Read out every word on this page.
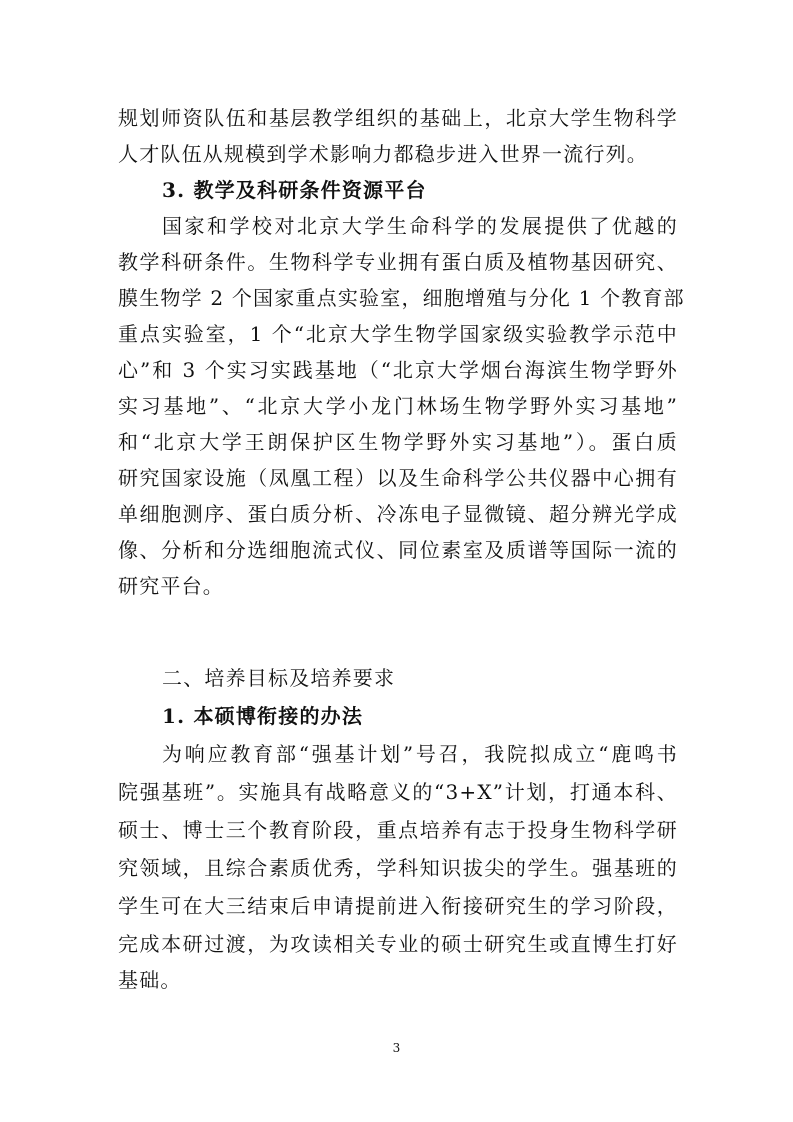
规划师资队伍和基层教学组织的基础上，北京大学生物科学

人才队伍从规模到学术影响力都稳步进入世界一流行列。

3. 教学及科研条件资源平台

国家和学校对北京大学生命科学的发展提供了优越的

教学科研条件。生物科学专业拥有蛋白质及植物基因研究、

膜生物学 2 个国家重点实验室，细胞增殖与分化 1 个教育部

重点实验室，1 个“北京大学生物学国家级实验教学示范中

心”和 3 个实习实践基地（“北京大学烟台海滨生物学野外

实习基地”、“北京大学小龙门林场生物学野外实习基地”

和“北京大学王朗保护区生物学野外实习基地”）。蛋白质

研究国家设施（凤凰工程）以及生命科学公共仪器中心拥有

单细胞测序、蛋白质分析、冷冻电子显微镜、超分辨光学成

像、分析和分选细胞流式仪、同位素室及质谱等国际一流的

研究平台。

二、培养目标及培养要求

1. 本硕博衔接的办法

为响应教育部“强基计划”号召，我院拟成立“鹿鸣书

院强基班”。实施具有战略意义的“3+X”计划，打通本科、

硕士、博士三个教育阶段，重点培养有志于投身生物科学研

究领域，且综合素质优秀，学科知识拔尖的学生。强基班的

学生可在大三结束后申请提前进入衔接研究生的学习阶段，

完成本研过渡，为攻读相关专业的硕士研究生或直博生打好

基础。

3
